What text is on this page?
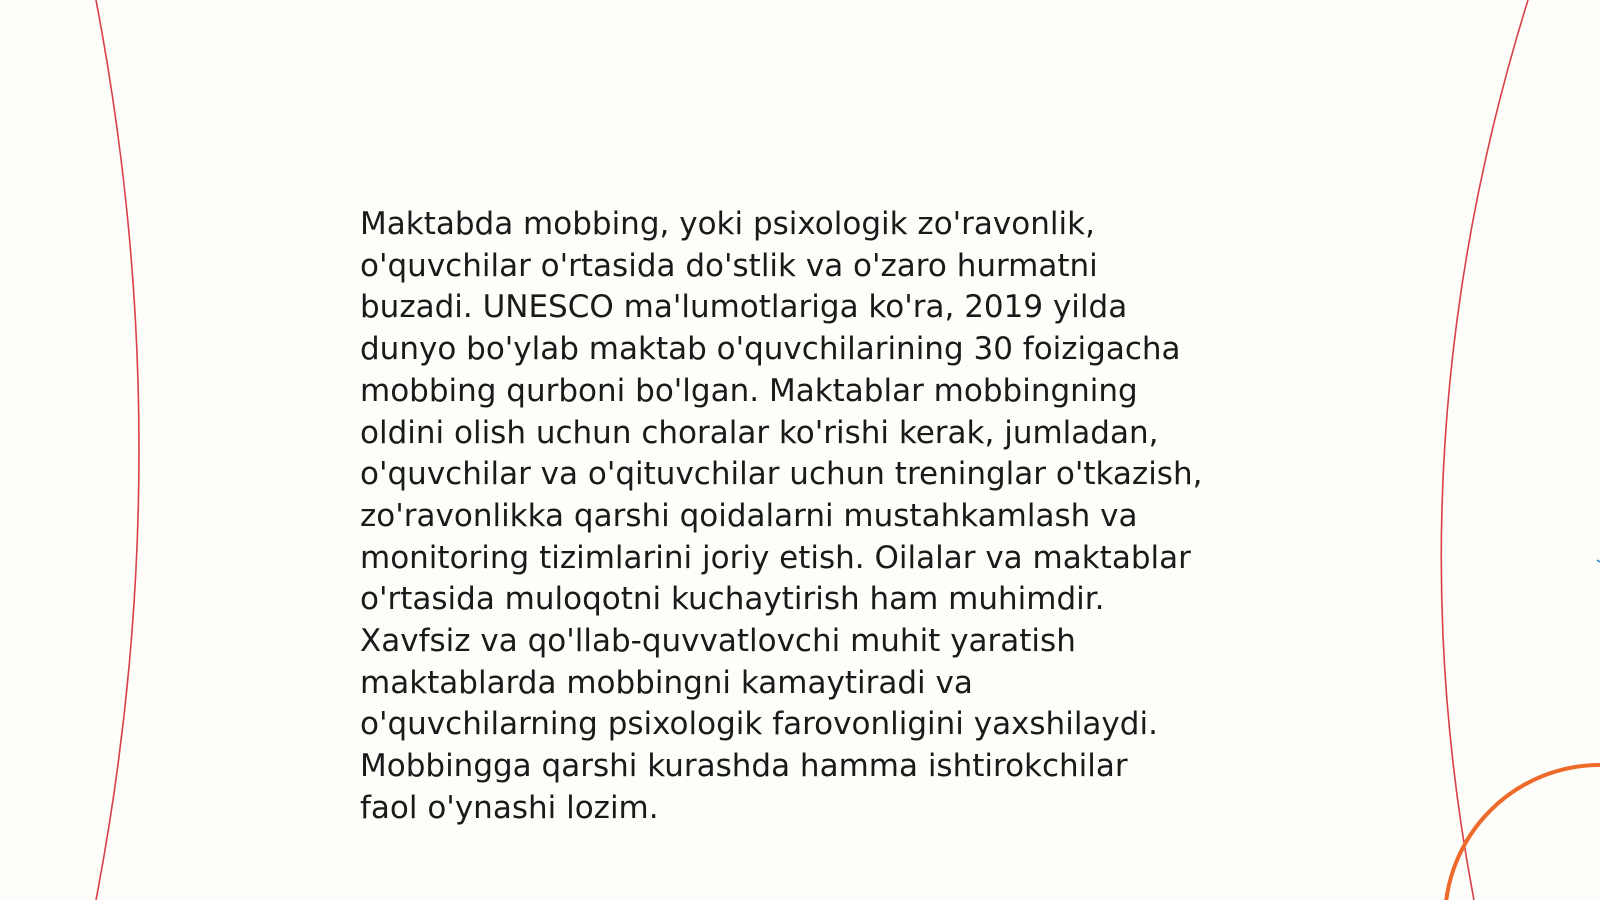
Maktabda mobbing, yoki psixologik zo'ravonlik,
o'quvchilar o'rtasida do'stlik va o'zaro hurmatni
buzadi. UNESCO ma'lumotlariga ko'ra, 2019 yilda
dunyo bo'ylab maktab o'quvchilarining 30 foizigacha
mobbing qurboni bo'lgan. Maktablar mobbingning
oldini olish uchun choralar ko'rishi kerak, jumladan,
o'quvchilar va o'qituvchilar uchun treninglar o'tkazish,
zo'ravonlikka qarshi qoidalarni mustahkamlash va
monitoring tizimlarini joriy etish. Oilalar va maktablar
o'rtasida muloqotni kuchaytirish ham muhimdir.
Xavfsiz va qo'llab-quvvatlovchi muhit yaratish
maktablarda mobbingni kamaytiradi va
o'quvchilarning psixologik farovonligini yaxshilaydi.
Mobbingga qarshi kurashda hamma ishtirokchilar
faol o'ynashi lozim.
